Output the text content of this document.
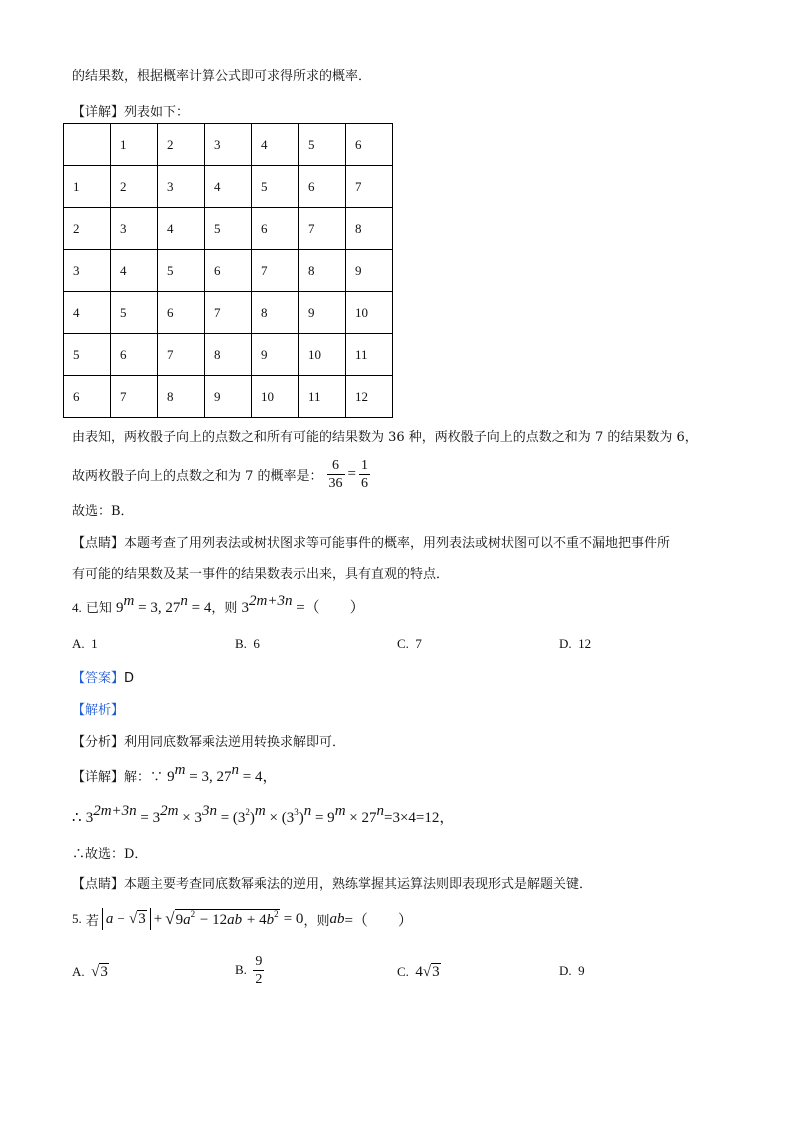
的结果数，根据概率计算公式即可求得所求的概率．
【详解】列表如下：
	1	2	3	4	5	6
1	2	3	4	5	6	7
2	3	4	5	6	7	8
3	4	5	6	7	8	9
4	5	6	7	8	9	10
5	6	7	8	9	10	11
6	7	8	9	10	11	12
由表知，两枚骰子向上的点数之和所有可能的结果数为 36 种，两枚骰子向上的点数之和为 7 的结果数为 6，
故两枚骰子向上的点数之和为 7 的概率是： $\frac{6}{36} = \frac{1}{6}$
故选：B．
【点睛】本题考查了用列表法或树状图求等可能事件的概率，用列表法或树状图可以不重不漏地把事件所
有可能的结果数及某一事件的结果数表示出来，具有直观的特点．
4. 已知 $9^m = 3$, $27^n = 4$，则 $3^{2m+3n}$ =（　　）
A. 1	B. 6	C. 7	D. 12
【答案】D
【解析】
【分析】利用同底数幂乘法逆用转换求解即可．
【详解】解：∵ $9^m = 3$, $27^n = 4$，
∴ $3^{2m+3n} = 3^{2m} \times 3^{3n} = (3^2)^m \times (3^3)^n = 9^m \times 27^n=3\times 4=12$，
∴故选：D．
【点睛】本题主要考查同底数幂乘法的逆用，熟练掌握其运算法则即表现形式是解题关键．
5.
若 a
−
√ 3 + √ $9a^2 - 12ab + 4b^2$
= 0 ，则 ab =（　　）
A. √3	B.
$\frac{9}{2}$	C. 4√3	D. 9
